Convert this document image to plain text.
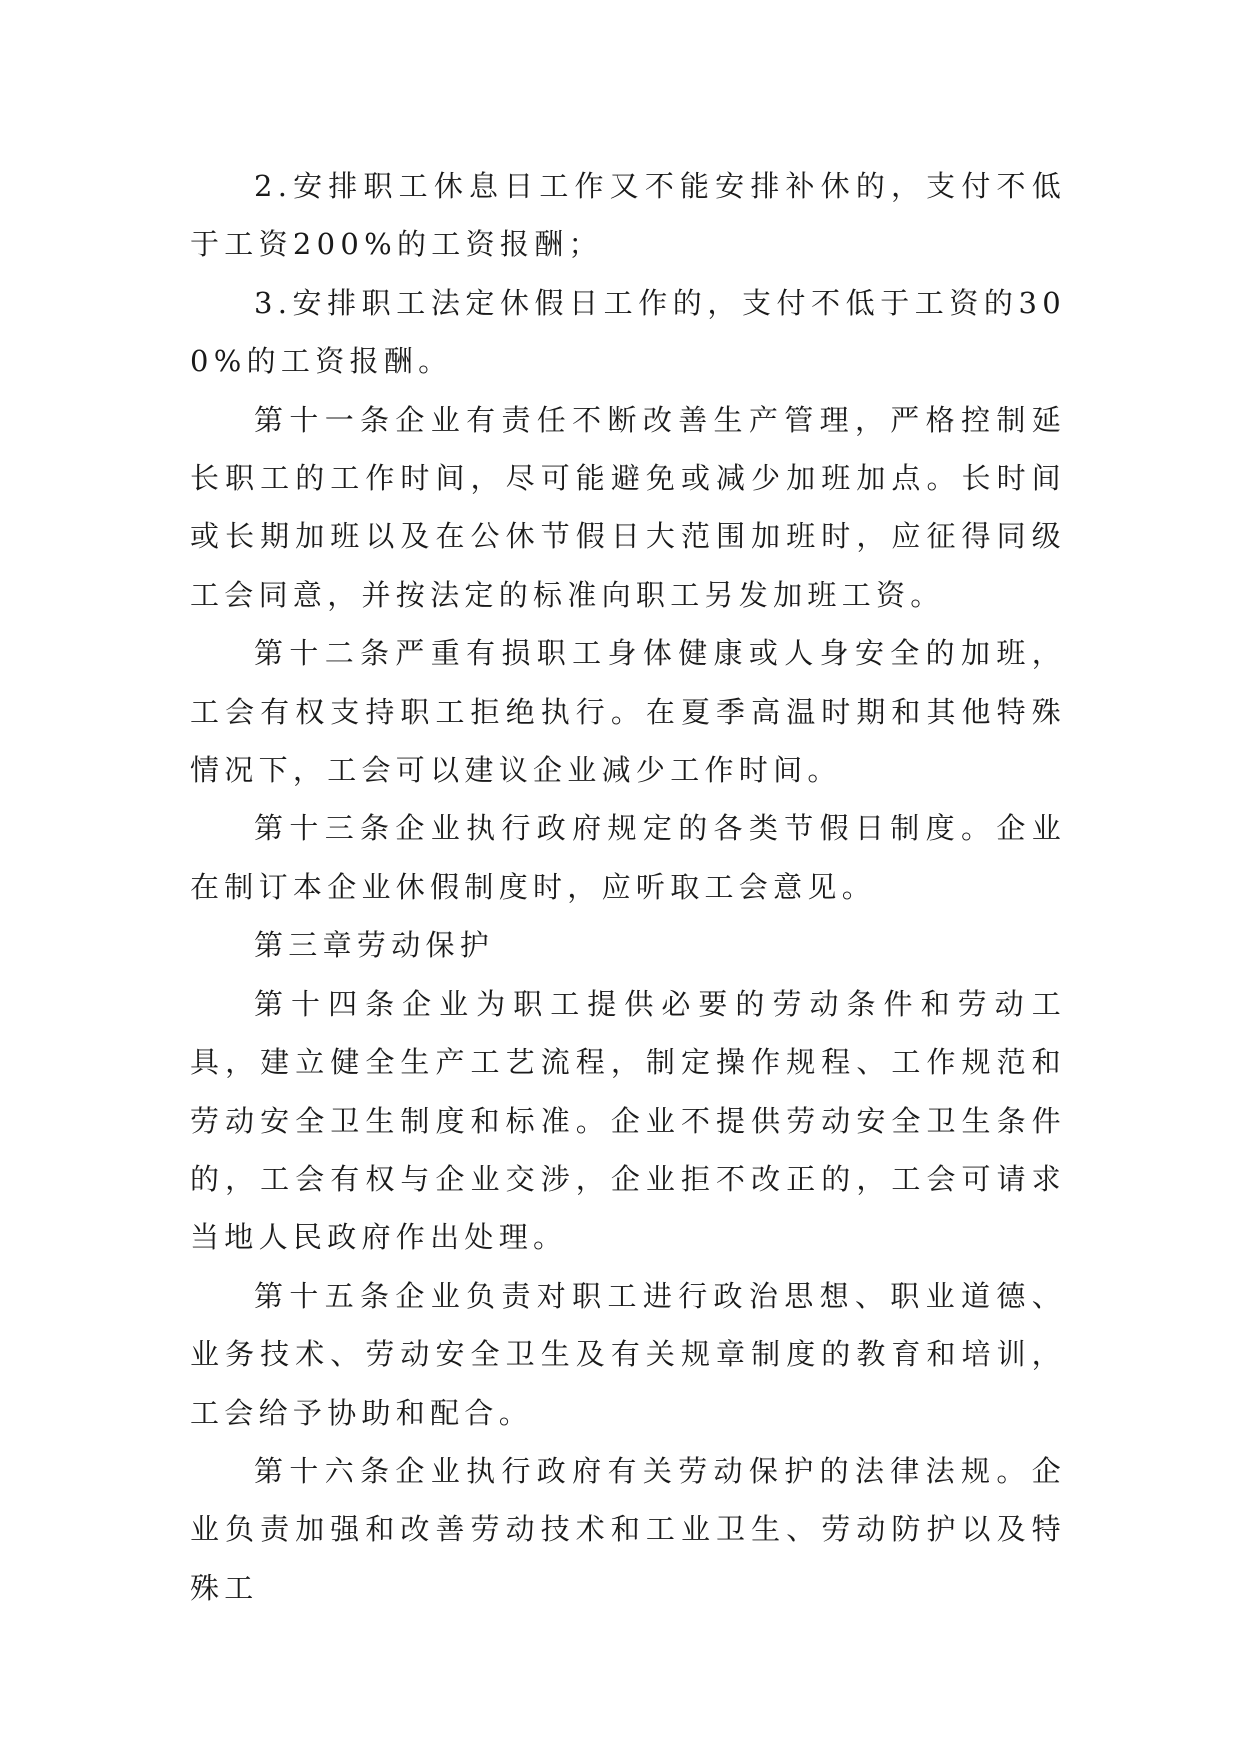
2.安排职工休息日工作又不能安排补休的，支付不低于工资200%的工资报酬；

3.安排职工法定休假日工作的，支付不低于工资的300%的工资报酬。

第十一条企业有责任不断改善生产管理，严格控制延长职工的工作时间，尽可能避免或减少加班加点。长时间或长期加班以及在公休节假日大范围加班时，应征得同级工会同意，并按法定的标准向职工另发加班工资。

第十二条严重有损职工身体健康或人身安全的加班，工会有权支持职工拒绝执行。在夏季高温时期和其他特殊情况下，工会可以建议企业减少工作时间。

第十三条企业执行政府规定的各类节假日制度。企业在制订本企业休假制度时，应听取工会意见。

第三章劳动保护

第十四条企业为职工提供必要的劳动条件和劳动工具，建立健全生产工艺流程，制定操作规程、工作规范和劳动安全卫生制度和标准。企业不提供劳动安全卫生条件的，工会有权与企业交涉，企业拒不改正的，工会可请求当地人民政府作出处理。

第十五条企业负责对职工进行政治思想、职业道德、业务技术、劳动安全卫生及有关规章制度的教育和培训，工会给予协助和配合。

第十六条企业执行政府有关劳动保护的法律法规。企业负责加强和改善劳动技术和工业卫生、劳动防护以及特殊工
